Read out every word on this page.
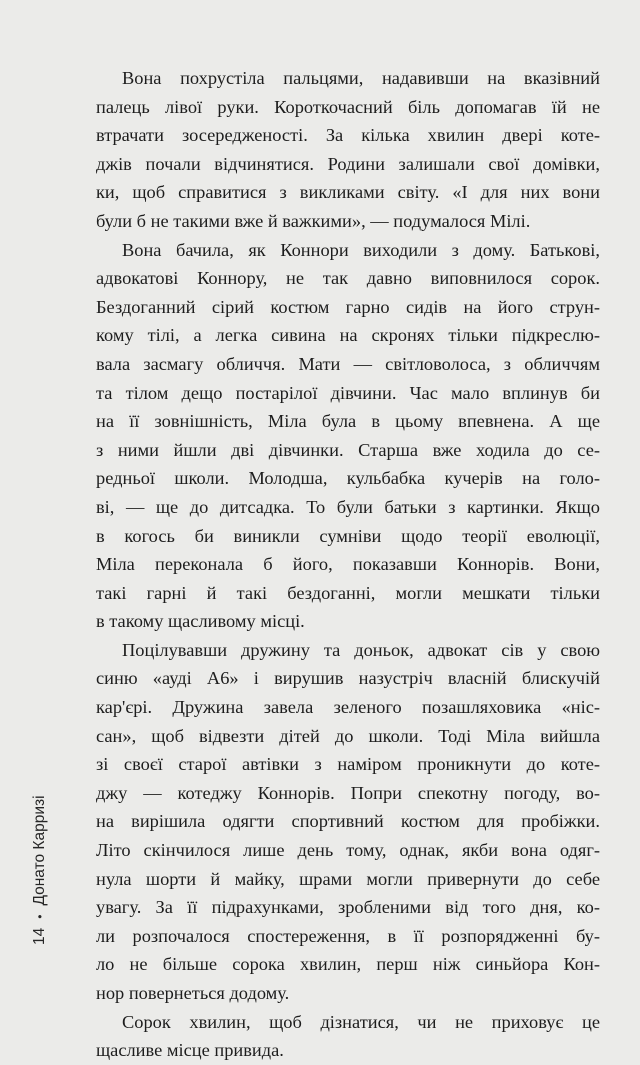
Вона похрустіла пальцями, надавивши на вказівний
палець лівої руки. Короткочасний біль допомагав їй не
втрачати зосередженості. За кілька хвилин двері коте-
джів почали відчинятися. Родини залишали свої домівки,
ки, щоб справитися з викликами світу. «І для них вони
були б не такими вже й важкими», — подумалося Мілі.

Вона бачила, як Коннори виходили з дому. Батькові,
адвокатові Коннору, не так давно виповнилося сорок.
Бездоганний сірий костюм гарно сидів на його струн-
кому тілі, а легка сивина на скронях тільки підкреслю-
вала засмагу обличчя. Мати — світловолоса, з обличчям
та тілом дещо постарілої дівчини. Час мало вплинув би
на її зовнішність, Міла була в цьому впевнена. А ще
з ними йшли дві дівчинки. Старша вже ходила до се-
редньої школи. Молодша, кульбабка кучерів на голо-
ві, — ще до дитсадка. То були батьки з картинки. Якщо
в когось би виникли сумніви щодо теорії еволюції,
Міла переконала б його, показавши Коннорів. Вони,
такі гарні й такі бездоганні, могли мешкати тільки
в такому щасливому місці.

Поцілувавши дружину та доньок, адвокат сів у свою
синю «ауді А6» і вирушив назустріч власній блискучій
кар'єрі. Дружина завела зеленого позашляховика «ніс-
сан», щоб відвезти дітей до школи. Тоді Міла вийшла
зі своєї старої автівки з наміром проникнути до коте-
джу — котеджу Коннорів. Попри спекотну погоду, во-
на вирішила одягти спортивний костюм для пробіжки.
Літо скінчилося лише день тому, однак, якби вона одяг-
нула шорти й майку, шрами могли привернути до себе
увагу. За її підрахунками, зробленими від того дня, ко-
ли розпочалося спостереження, в її розпорядженні бу-
ло не більше сорока хвилин, перш ніж синьйора Кон-
нор повернеться додому.

Сорок хвилин, щоб дізнатися, чи не приховує це
щасливе місце привида.

14
•
Донато Карризі
